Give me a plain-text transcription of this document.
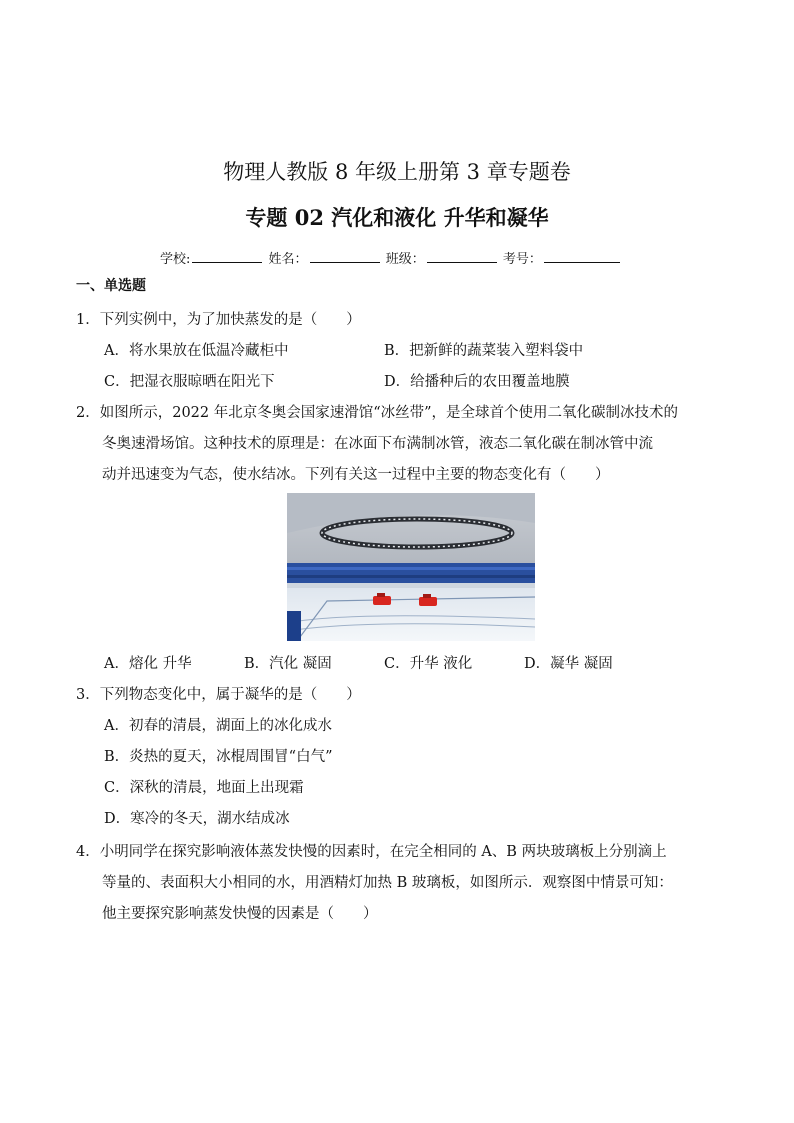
物理人教版 8 年级上册第 3 章专题卷
专题 02 汽化和液化 升华和凝华
学校:	姓名：	班级：	考号：
一、单选题
1．下列实例中，为了加快蒸发的是（　　）
A．将水果放在低温冷藏柜中	B．把新鲜的蔬菜装入塑料袋中
C．把湿衣服晾晒在阳光下	D．给播种后的农田覆盖地膜
2．如图所示，2022 年北京冬奥会国家速滑馆“冰丝带”，是全球首个使用二氧化碳制冰技术的
冬奥速滑场馆。这种技术的原理是：在冰面下布满制冰管，液态二氧化碳在制冰管中流
动并迅速变为气态，使水结冰。下列有关这一过程中主要的物态变化有（　　）
A．熔化 升华	B．汽化 凝固	C．升华 液化	D．凝华 凝固
3．下列物态变化中，属于凝华的是（　　）
A．初春的清晨，湖面上的冰化成水
B．炎热的夏天，冰棍周围冒“白气”
C．深秋的清晨，地面上出现霜
D．寒冷的冬天，湖水结成冰
4．小明同学在探究影响液体蒸发快慢的因素时，在完全相同的 A、B 两块玻璃板上分别滴上
等量的、表面积大小相同的水，用酒精灯加热 B 玻璃板，如图所示．观察图中情景可知：
他主要探究影响蒸发快慢的因素是（　　）
